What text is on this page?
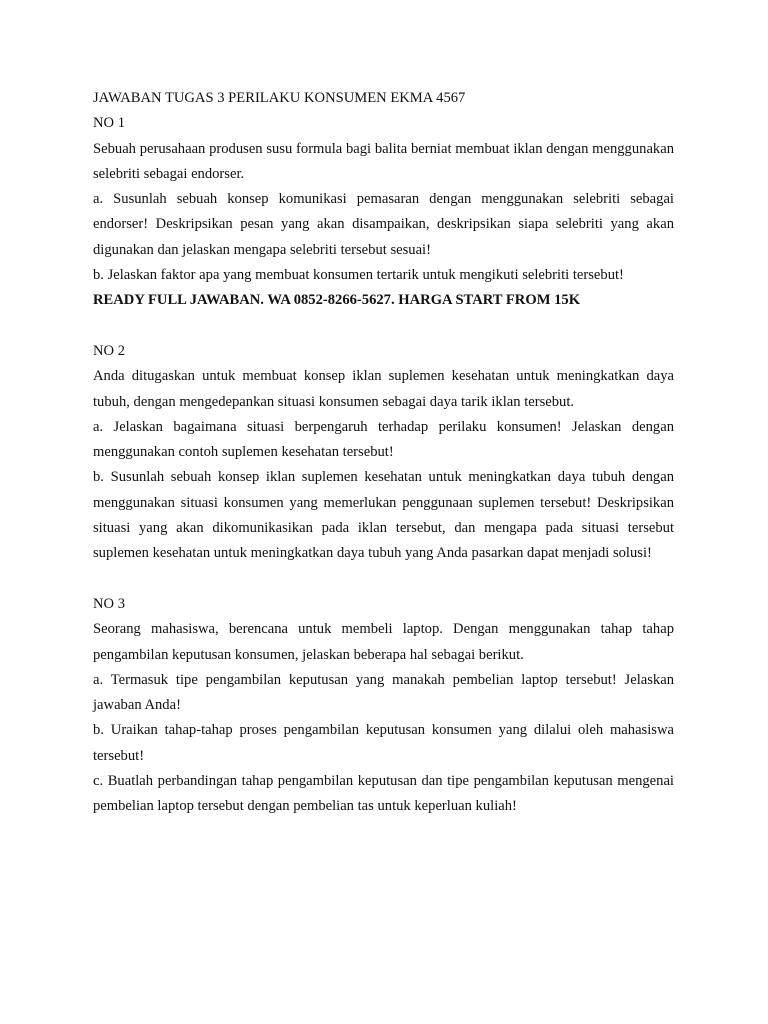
JAWABAN TUGAS 3 PERILAKU KONSUMEN EKMA 4567

NO 1

Sebuah perusahaan produsen susu formula bagi balita berniat membuat iklan dengan menggunakan selebriti sebagai endorser.

a. Susunlah sebuah konsep komunikasi pemasaran dengan menggunakan selebriti sebagai endorser! Deskripsikan pesan yang akan disampaikan, deskripsikan siapa selebriti yang akan digunakan dan jelaskan mengapa selebriti tersebut sesuai!

b. Jelaskan faktor apa yang membuat konsumen tertarik untuk mengikuti selebriti tersebut!

READY FULL JAWABAN. WA 0852-8266-5627. HARGA START FROM 15K

NO 2

Anda ditugaskan untuk membuat konsep iklan suplemen kesehatan untuk meningkatkan daya tubuh, dengan mengedepankan situasi konsumen sebagai daya tarik iklan tersebut.

a. Jelaskan bagaimana situasi berpengaruh terhadap perilaku konsumen! Jelaskan dengan menggunakan contoh suplemen kesehatan tersebut!

b. Susunlah sebuah konsep iklan suplemen kesehatan untuk meningkatkan daya tubuh dengan menggunakan situasi konsumen yang memerlukan penggunaan suplemen tersebut! Deskripsikan situasi yang akan dikomunikasikan pada iklan tersebut, dan mengapa pada situasi tersebut suplemen kesehatan untuk meningkatkan daya tubuh yang Anda pasarkan dapat menjadi solusi!

NO 3

Seorang mahasiswa, berencana untuk membeli laptop. Dengan menggunakan tahap tahap pengambilan keputusan konsumen, jelaskan beberapa hal sebagai berikut.

a. Termasuk tipe pengambilan keputusan yang manakah pembelian laptop tersebut! Jelaskan jawaban Anda!

b. Uraikan tahap-tahap proses pengambilan keputusan konsumen yang dilalui oleh mahasiswa tersebut!

c. Buatlah perbandingan tahap pengambilan keputusan dan tipe pengambilan keputusan mengenai pembelian laptop tersebut dengan pembelian tas untuk keperluan kuliah!
